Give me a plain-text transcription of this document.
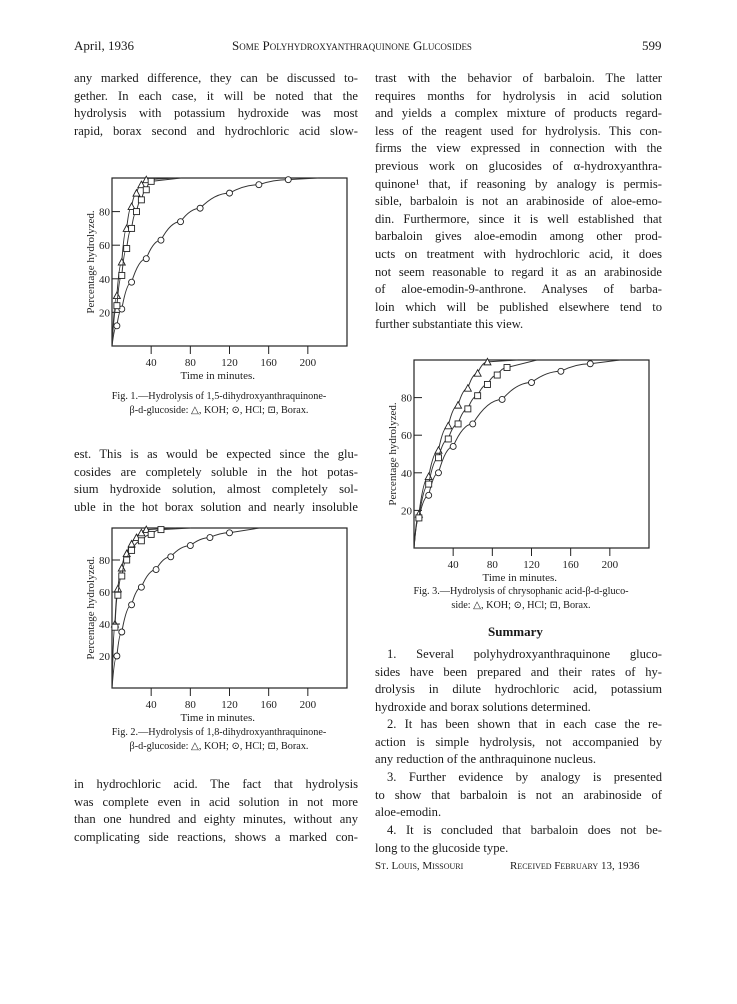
April, 1936	Some Polyhydroxyanthraquinone Glucosides	599
any marked difference, they can be discussed to-
gether. In each case, it will be noted that the
hydrolysis with potassium hydroxide was most
rapid, borax second and hydrochloric acid slow-
40	80 120 160 200
20
40
60
80
Time in minutes.
Percentage hydrolyzed.
Fig. 1.—Hydrolysis of 1,5-dihydroxyanthraquinone-
β-d-glucoside: △, KOH; ⊙, HCl; ⊡, Borax.
est. This is as would be expected since the glu-
cosides are completely soluble in the hot potas-
sium hydroxide solution, almost completely sol-
uble in the hot borax solution and nearly insoluble
40	80 120 160 200
20
40
60
80
Time in minutes.
Percentage hydrolyzed.
Fig. 2.—Hydrolysis of 1,8-dihydroxyanthraquinone-
β-d-glucoside: △, KOH; ⊙, HCl; ⊡, Borax.
in hydrochloric acid. The fact that hydrolysis
was complete even in acid solution in not more
than one hundred and eighty minutes, without any
complicating side reactions, shows a marked con-
trast with the behavior of barbaloin. The latter
requires months for hydrolysis in acid solution
and yields a complex mixture of products regard-
less of the reagent used for hydrolysis. This con-
firms the view expressed in connection with the
previous work on glucosides of α-hydroxyanthra-
quinone¹ that, if reasoning by analogy is permis-
sible, barbaloin is not an arabinoside of aloe-emo-
din. Furthermore, since it is well established that
barbaloin gives aloe-emodin among other prod-
ucts on treatment with hydrochloric acid, it does
not seem reasonable to regard it as an arabinoside
of aloe-emodin-9-anthrone. Analyses of barba-
loin which will be published elsewhere tend to
further substantiate this view.
40	80 120 160 200
20
40
60
80
Time in minutes.
Percentage hydrolyzed.
Fig. 3.—Hydrolysis of chrysophanic acid-β-d-gluco-
side: △, KOH; ⊙, HCl; ⊡, Borax.
Summary
1. Several polyhydroxyanthraquinone gluco-
sides have been prepared and their rates of hy-
drolysis in dilute hydrochloric acid, potassium
hydroxide and borax solutions determined.
2. It has been shown that in each case the re-
action is simple hydrolysis, not accompanied by
any reduction of the anthraquinone nucleus.
3. Further evidence by analogy is presented
to show that barbaloin is not an arabinoside of
aloe-emodin.
4. It is concluded that barbaloin does not be-
long to the glucoside type.
St. Louis, Missouri	Received February 13, 1936
